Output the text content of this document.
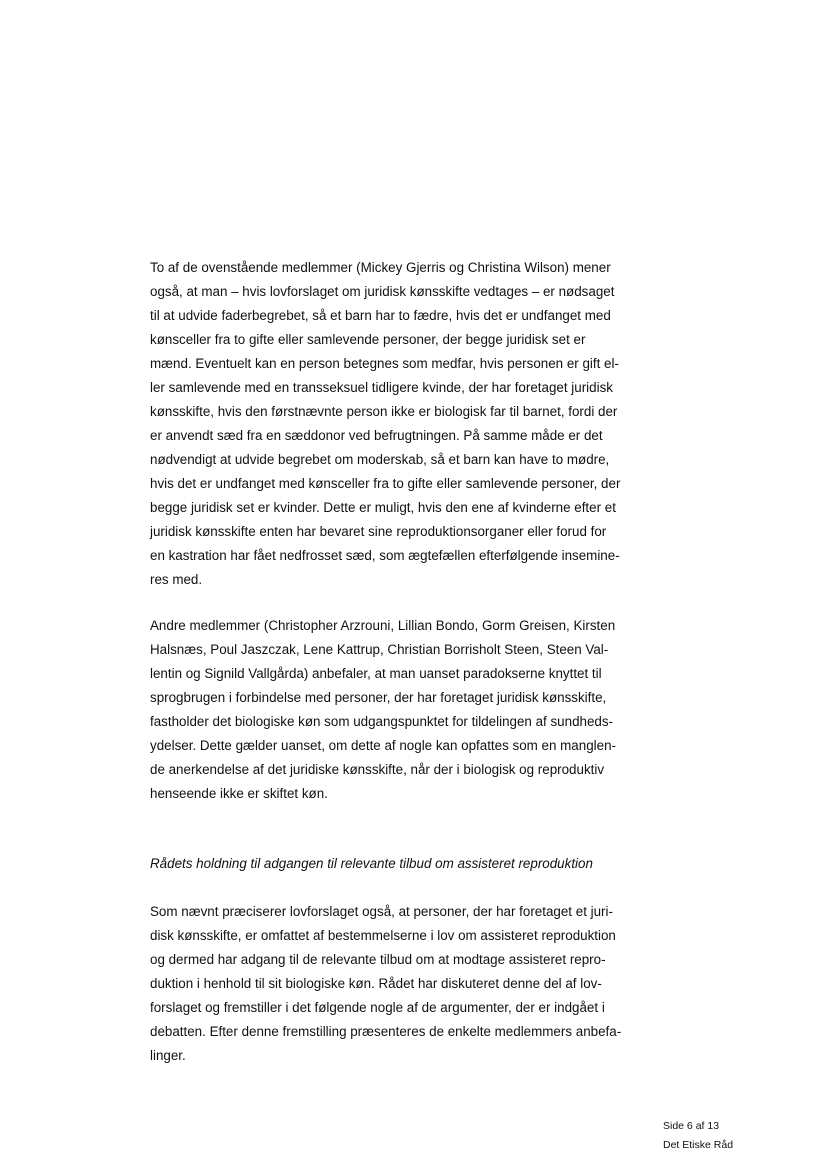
To af de ovenstående medlemmer (Mickey Gjerris og Christina Wilson) mener
også, at man – hvis lovforslaget om juridisk kønsskifte vedtages – er nødsaget
til at udvide faderbegrebet, så et barn har to fædre, hvis det er undfanget med
kønsceller fra to gifte eller samlevende personer, der begge juridisk set er
mænd. Eventuelt kan en person betegnes som medfar, hvis personen er gift el-
ler samlevende med en transseksuel tidligere kvinde, der har foretaget juridisk
kønsskifte, hvis den førstnævnte person ikke er biologisk far til barnet, fordi der
er anvendt sæd fra en sæddonor ved befrugtningen. På samme måde er det
nødvendigt at udvide begrebet om moderskab, så et barn kan have to mødre,
hvis det er undfanget med kønsceller fra to gifte eller samlevende personer, der
begge juridisk set er kvinder. Dette er muligt, hvis den ene af kvinderne efter et
juridisk kønsskifte enten har bevaret sine reproduktionsorganer eller forud for
en kastration har fået nedfrosset sæd, som ægtefællen efterfølgende insemine-
res med.

Andre medlemmer (Christopher Arzrouni, Lillian Bondo, Gorm Greisen, Kirsten
Halsnæs, Poul Jaszczak, Lene Kattrup, Christian Borrisholt Steen, Steen Val-
lentin og Signild Vallgårda) anbefaler, at man uanset paradokserne knyttet til
sprogbrugen i forbindelse med personer, der har foretaget juridisk kønsskifte,
fastholder det biologiske køn som udgangspunktet for tildelingen af sundheds-
ydelser. Dette gælder uanset, om dette af nogle kan opfattes som en manglen-
de anerkendelse af det juridiske kønsskifte, når der i biologisk og reproduktiv
henseende ikke er skiftet køn.

Rådets holdning til adgangen til relevante tilbud om assisteret reproduktion

Som nævnt præciserer lovforslaget også, at personer, der har foretaget et juri-
disk kønsskifte, er omfattet af bestemmelserne i lov om assisteret reproduktion
og dermed har adgang til de relevante tilbud om at modtage assisteret repro-
duktion i henhold til sit biologiske køn. Rådet har diskuteret denne del af lov-
forslaget og fremstiller i det følgende nogle af de argumenter, der er indgået i
debatten. Efter denne fremstilling præsenteres de enkelte medlemmers anbefa-
linger.

Side 6 af 13
Det Etiske Råd
